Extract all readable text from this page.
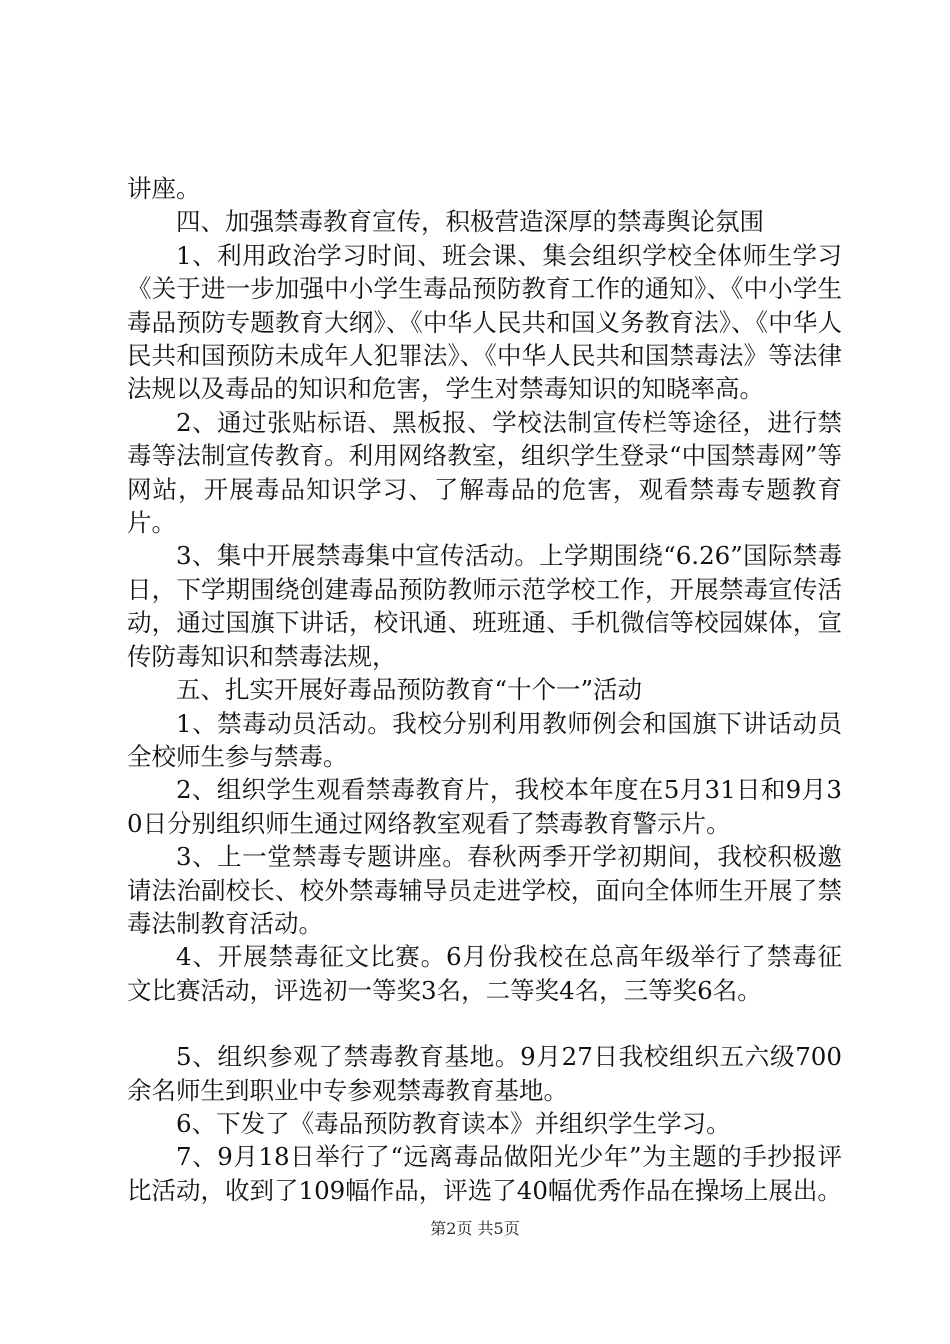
讲座。

四、加强禁毒教育宣传，积极营造深厚的禁毒舆论氛围

1、利用政治学习时间、班会课、集会组织学校全体师生学习《关于进一步加强中小学生毒品预防教育工作的通知》、《中小学生毒品预防专题教育大纲》、《中华人民共和国义务教育法》、《中华人民共和国预防未成年人犯罪法》、《中华人民共和国禁毒法》等法律法规以及毒品的知识和危害，学生对禁毒知识的知晓率高。

2、通过张贴标语、黑板报、学校法制宣传栏等途径，进行禁毒等法制宣传教育。利用网络教室，组织学生登录“中国禁毒网”等网站，开展毒品知识学习、了解毒品的危害，观看禁毒专题教育片。

3、集中开展禁毒集中宣传活动。上学期围绕“6.26”国际禁毒日，下学期围绕创建毒品预防教师示范学校工作，开展禁毒宣传活动，通过国旗下讲话，校讯通、班班通、手机微信等校园媒体，宣传防毒知识和禁毒法规，

五、扎实开展好毒品预防教育“十个一”活动

1、禁毒动员活动。我校分别利用教师例会和国旗下讲话动员全校师生参与禁毒。

2、组织学生观看禁毒教育片，我校本年度在5月31日和9月30日分别组织师生通过网络教室观看了禁毒教育警示片。

3、上一堂禁毒专题讲座。春秋两季开学初期间，我校积极邀请法治副校长、校外禁毒辅导员走进学校，面向全体师生开展了禁毒法制教育活动。

4、开展禁毒征文比赛。6月份我校在总高年级举行了禁毒征文比赛活动，评选初一等奖3名，二等奖4名，三等奖6名。

5、组织参观了禁毒教育基地。9月27日我校组织五六级700余名师生到职业中专参观禁毒教育基地。

6、下发了《毒品预防教育读本》并组织学生学习。

7、9月18日举行了“远离毒品做阳光少年”为主题的手抄报评比活动，收到了109幅作品，评选了40幅优秀作品在操场上展出。

第2页 共5页
